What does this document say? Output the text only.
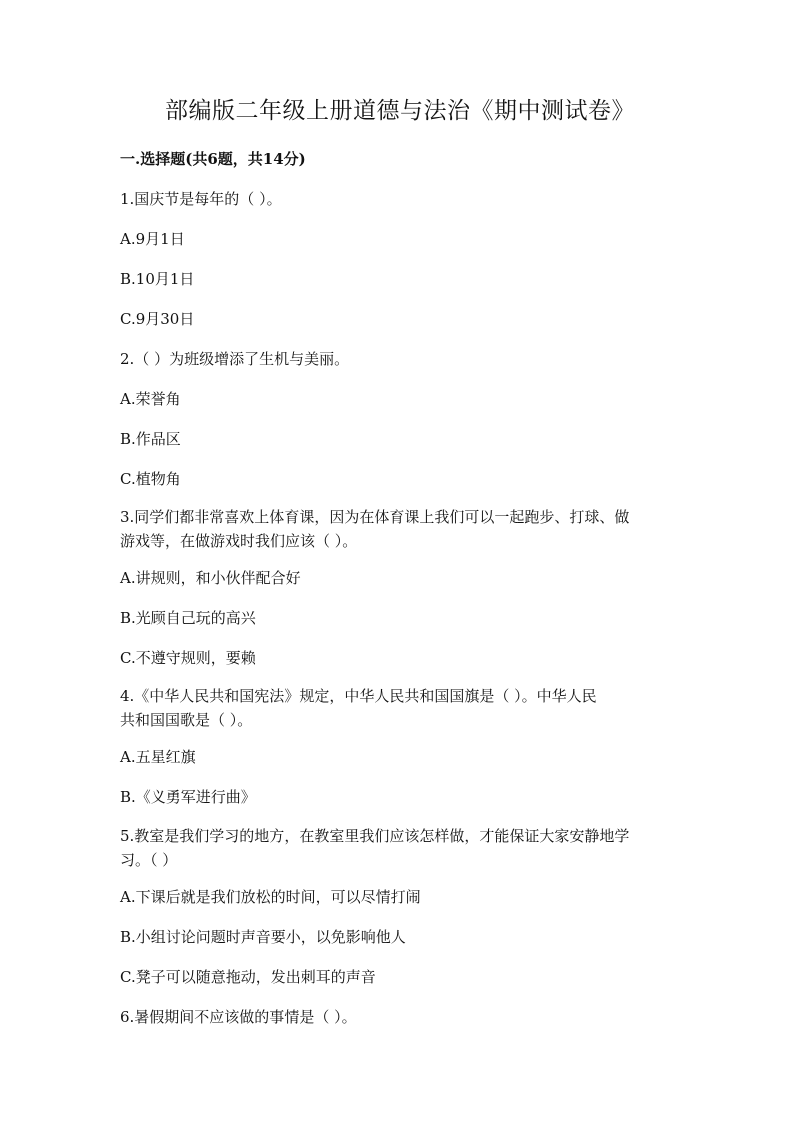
部编版二年级上册道德与法治《期中测试卷》
一.选择题(共6题，共14分)
1.国庆节是每年的（ ）。
A.9月1日
B.10月1日
C.9月30日
2.（ ）为班级增添了生机与美丽。
A.荣誉角
B.作品区
C.植物角
3.同学们都非常喜欢上体育课，因为在体育课上我们可以一起跑步、打球、做
游戏等，在做游戏时我们应该（ ）。
A.讲规则，和小伙伴配合好
B.光顾自己玩的高兴
C.不遵守规则，要赖
4.《中华人民共和国宪法》规定，中华人民共和国国旗是（ ）。中华人民
共和国国歌是（ ）。
A.五星红旗
B.《义勇军进行曲》
5.教室是我们学习的地方，在教室里我们应该怎样做，才能保证大家安静地学
习。（ ）
A.下课后就是我们放松的时间，可以尽情打闹
B.小组讨论问题时声音要小，以免影响他人
C.凳子可以随意拖动，发出刺耳的声音
6.暑假期间不应该做的事情是（ ）。
